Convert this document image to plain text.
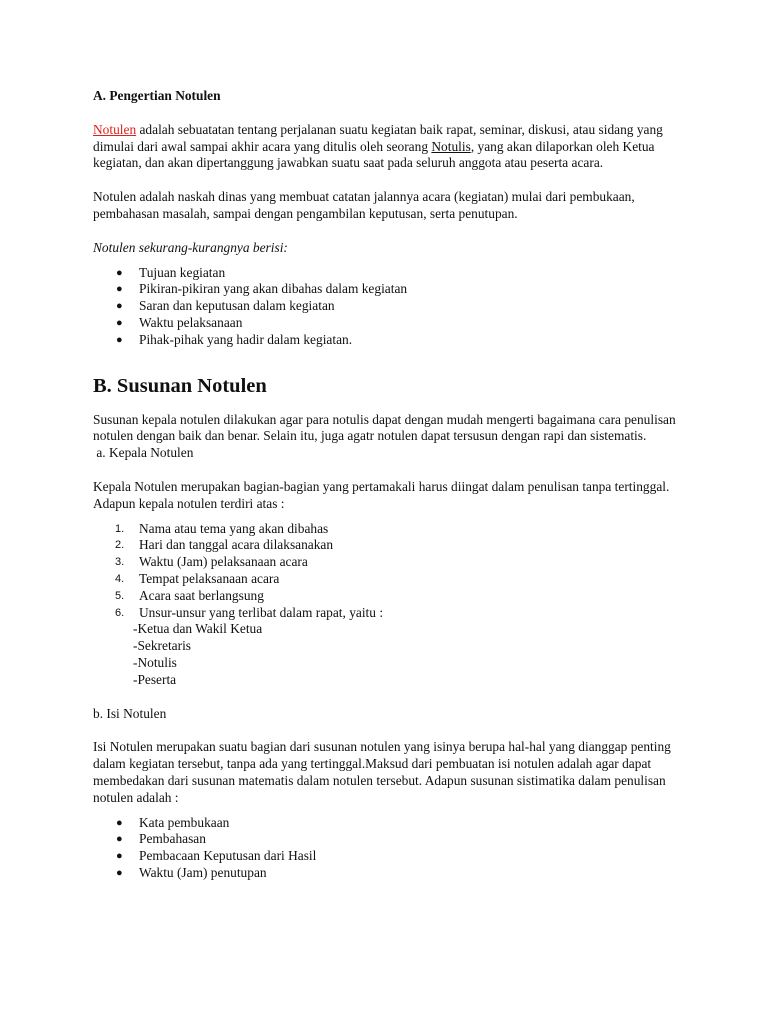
A. Pengertian Notulen

Notulen adalah sebuatatan tentang perjalanan suatu kegiatan baik rapat, seminar, diskusi, atau sidang yang dimulai dari awal sampai akhir acara yang ditulis oleh seorang Notulis, yang akan dilaporkan oleh Ketua kegiatan, dan akan dipertanggung jawabkan suatu saat pada seluruh anggota atau peserta acara.

Notulen adalah naskah dinas yang membuat catatan jalannya acara (kegiatan) mulai dari pembukaan, pembahasan masalah, sampai dengan pengambilan keputusan, serta penutupan.

Notulen sekurang-kurangnya berisi:

● Tujuan kegiatan
● Pikiran-pikiran yang akan dibahas dalam kegiatan
● Saran dan keputusan dalam kegiatan
● Waktu pelaksanaan
● Pihak-pihak yang hadir dalam kegiatan.

B. Susunan Notulen

Susunan kepala notulen dilakukan agar para notulis dapat dengan mudah mengerti bagaimana cara penulisan notulen dengan baik dan benar. Selain itu, juga agatr notulen dapat tersusun dengan rapi dan sistematis.

a. Kepala Notulen

Kepala Notulen merupakan bagian-bagian yang pertamakali harus diingat dalam penulisan tanpa tertinggal. Adapun kepala notulen terdiri atas :

1. Nama atau tema yang akan dibahas
2. Hari dan tanggal acara dilaksanakan
3. Waktu (Jam) pelaksanaan acara
4. Tempat pelaksanaan acara
5. Acara saat berlangsung
6. Unsur-unsur yang terlibat dalam rapat, yaitu :
-Ketua dan Wakil Ketua
-Sekretaris
-Notulis
-Peserta

b. Isi Notulen

Isi Notulen merupakan suatu bagian dari susunan notulen yang isinya berupa hal-hal yang dianggap penting dalam kegiatan tersebut, tanpa ada yang tertinggal.Maksud dari pembuatan isi notulen adalah agar dapat membedakan dari susunan matematis dalam notulen tersebut. Adapun susunan sistimatika dalam penulisan notulen adalah :

● Kata pembukaan
● Pembahasan
● Pembacaan Keputusan dari Hasil
● Waktu (Jam) penutupan
